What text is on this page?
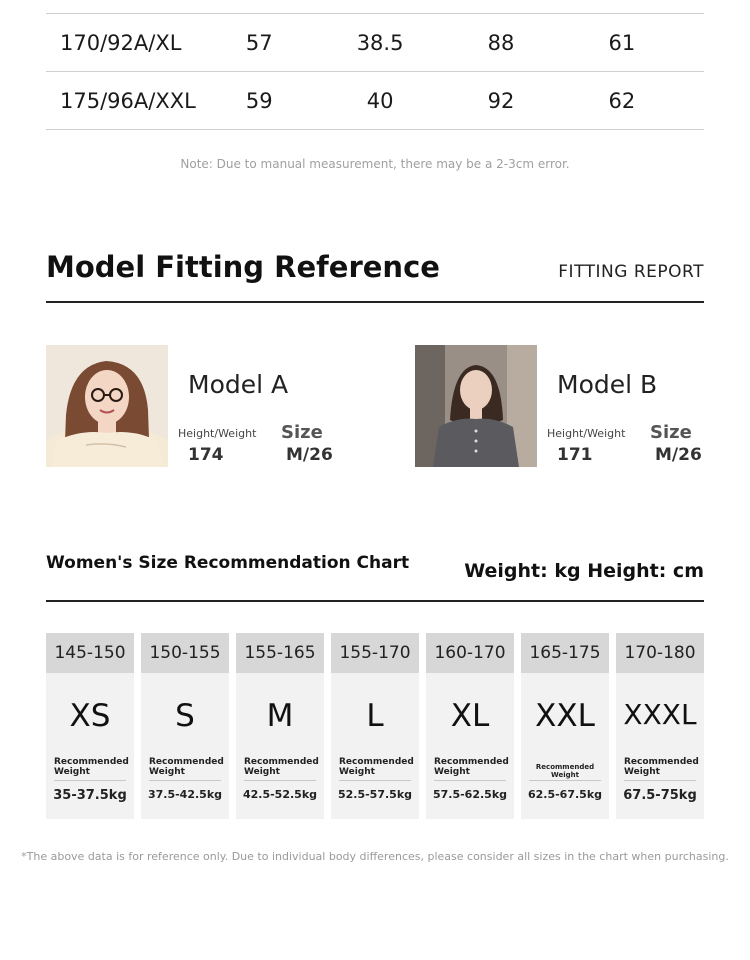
170/92A/XL	57	38.5	88	61
175/96A/XXL	59	40	92	62
Note: Due to manual measurement, there may be a 2-3cm error.
Model Fitting Reference	FITTING REPORT
Model A
Height/Weight Size
174	M/26
Model B
Height/Weight Size
171	M/26
Women's Size Recommendation Chart	Weight: kg Height: cm
145-150
XS
Recommended Weight
35-37.5kg
150-155
S
Recommended Weight
37.5-42.5kg
155-165
M
Recommended Weight
42.5-52.5kg
155-170
L
Recommended Weight
52.5-57.5kg
160-170
XL
Recommended Weight
57.5-62.5kg
165-175
XXL
Recommended Weight
62.5-67.5kg
170-180
XXXL
Recommended Weight
67.5-75kg
*The above data is for reference only. Due to individual body differences, please consider all sizes in the chart when purchasing.
